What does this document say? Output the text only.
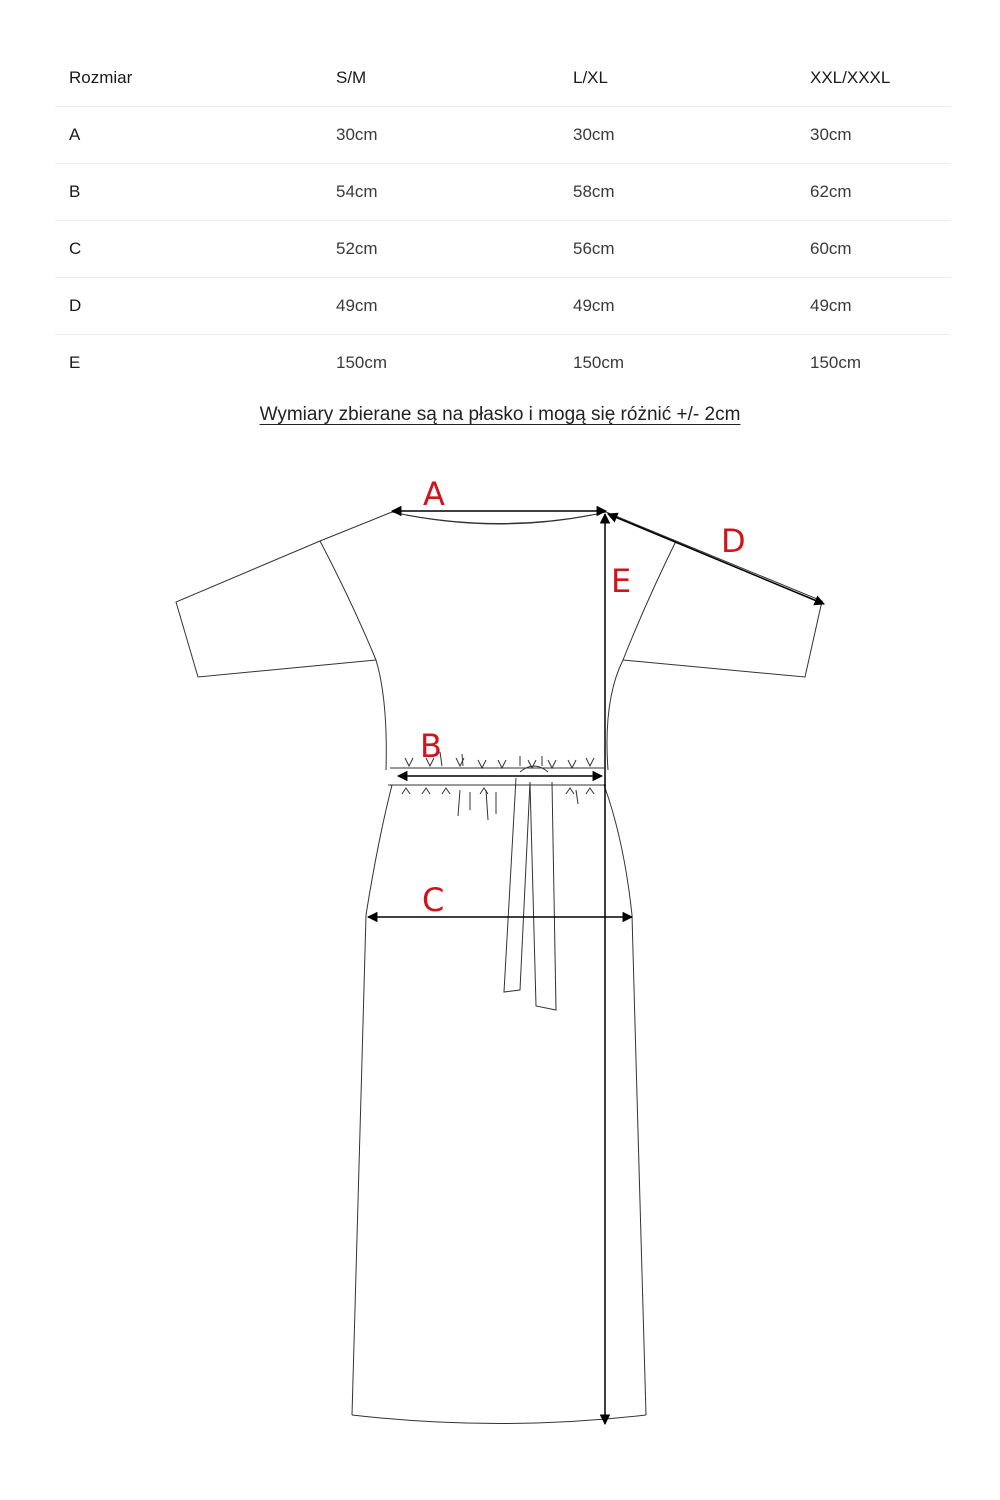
Rozmiar	S/M	L/XL	XXL/XXXL
A	30cm	30cm	30cm
B	54cm	58cm	62cm
C	52cm	56cm	60cm
D	49cm	49cm	49cm
E	150cm	150cm	150cm
Wymiary zbierane są na płasko i mogą się różnić +/- 2cm
A
D
E
B
C
